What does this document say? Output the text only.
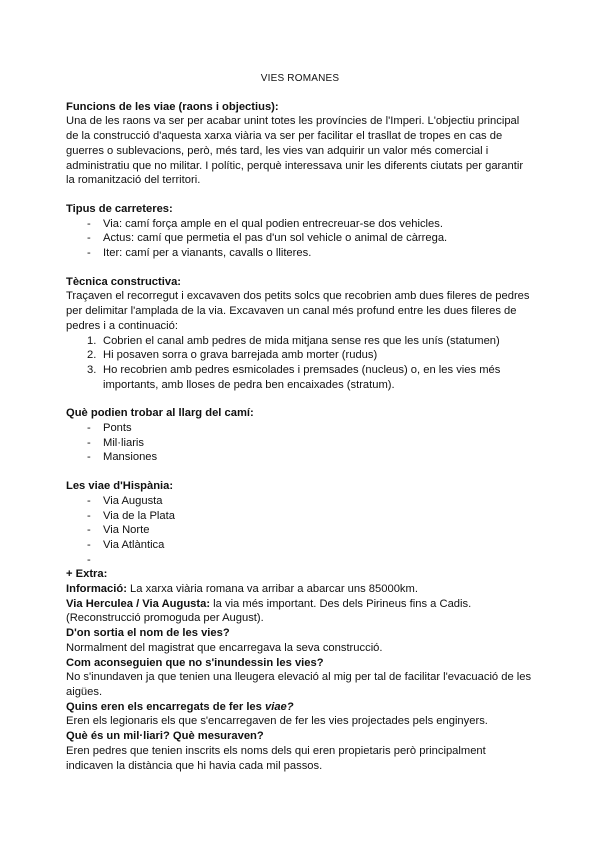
VIES ROMANES
Funcions de les viae (raons i objectius):

Una de les raons va ser per acabar unint totes les províncies de l'Imperi. L'objectiu principal de la construcció d'aquesta xarxa viària va ser per facilitar el trasllat de tropes en cas de guerres o sublevacions, però, més tard, les vies van adquirir un valor més comercial i administratiu que no militar. I polític, perquè interessava unir les diferents ciutats per garantir la romanització del territori.

Tipus de carreteres:
- Via: camí força ample en el qual podien entrecreuar-se dos vehicles.
- Actus: camí que permetia el pas d'un sol vehicle o animal de càrrega.
- Iter: camí per a vianants, cavalls o lliteres.
Tècnica constructiva:

Traçaven el recorregut i excavaven dos petits solcs que recobrien amb dues fileres de pedres per delimitar l'amplada de la via. Excavaven un canal més profund entre les dues fileres de pedres i a continuació:

1. Cobrien el canal amb pedres de mida mitjana sense res que les unís (statumen)
2. Hi posaven sorra o grava barrejada amb morter (rudus)
3. Ho recobrien amb pedres esmicolades i premsades (nucleus) o, en les vies més importants, amb lloses de pedra ben encaixades (stratum).
Què podien trobar al llarg del camí:
- Ponts
- Mil·liaris
- Mansiones
Les viae d'Hispània:
- Via Augusta
- Via de la Plata
- Via Norte
- Via Atlàntica
-

+ Extra:

Informació: La xarxa viària romana va arribar a abarcar uns 85000km.

Via Herculea / Via Augusta: la via més important. Des dels Pirineus fins a Cadis. (Reconstrucció promoguda per August).

D'on sortia el nom de les vies?

Normalment del magistrat que encarregava la seva construcció.

Com aconseguien que no s'inundessin les vies?

No s'inundaven ja que tenien una lleugera elevació al mig per tal de facilitar l'evacuació de les aigües.

Quins eren els encarregats de fer les viae?

Eren els legionaris els que s'encarregaven de fer les vies projectades pels enginyers.

Què és un mil·liari? Què mesuraven?

Eren pedres que tenien inscrits els noms dels qui eren propietaris però principalment indicaven la distància que hi havia cada mil passos.
